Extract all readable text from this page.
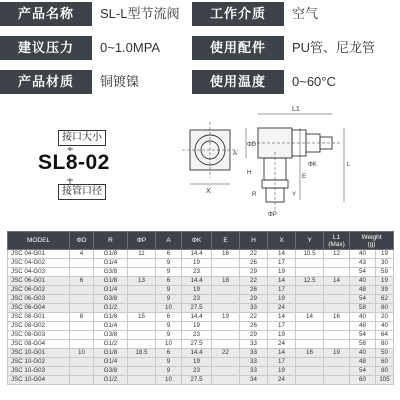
产品名称	SL-L型节流阀	工作介质	空气
建议压力	0~1.0MPA	使用配件	PU管、尼龙管
产品材质	铜镀镍	使用温度	0~60°C
X
A
L1
ΦD
ΦK
E
L
H
R	Y
ΦP
接口大小
SL8-02
接管口径
MODEL	ΦD	R	ΦP	A	ΦK	E	H	X	Y	L1
(Max)	Weight
(g)	
JSC 04-G01	4	G1/8	11	6	14.4	16	22	14	10.5	12	40	19
JSC 04-G02		G1/4		9	19		26	17			43	30
JSC 04-G03		G3/8		9	23		29	19			54	59
JSC 06-G01	6	G1/8	13	6	14.4	18	22	14	12.5	14	40	19
JSC 06-G02		G1/4		9	19		26	17			48	39
JSC 06-G03		G3/8		9	23		29	19			54	62
JSC 06-G04		G1/2		10	27.5		33	24			58	80
JSC 08-G01	8	G1/8	15	6	14.4	19	22	14	14	16	40	20
JSC 08-G02		G1/4		9	19		26	17			48	40
JSC 08-G03		G3/8		9	23		29	19			54	64
JSC 08-G04		G1/2		10	27.5		33	24			58	80
JSC 10-G01	10	G1/8	18.5	6	14.4	22	33	14	16	19	40	50
JSC 10-G02		G1/4		9	19		33	17			48	60
JSC 10-G03		G3/8		9	23		33	19			54	80
JSC 10-G04		G1/2		10	27.5		34	24			60	105
